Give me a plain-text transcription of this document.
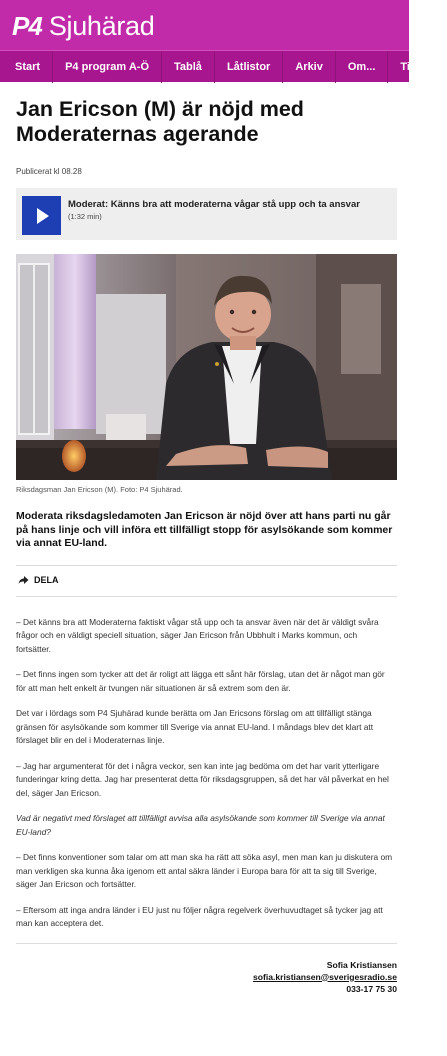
P4 Sjuhärad
Start	P4 program A-Ö	Tablå	Låtlistor	Arkiv	Om...	Tipsa!
Jan Ericson (M) är nöjd med Moderaternas agerande
Publicerat kl 08.28
Moderat: Känns bra att moderaterna vågar stå upp och ta ansvar
(1:32 min)
Riksdagsman Jan Ericson (M). Foto: P4 Sjuhärad.

Moderata riksdagsledamoten Jan Ericson är nöjd över att hans parti nu går på hans linje och vill införa ett tillfälligt stopp för asylsökande som kommer via annat EU-land.

DELA

– Det känns bra att Moderaterna faktiskt vågar stå upp och ta ansvar även när det är väldigt svåra frågor och en väldigt speciell situation, säger Jan Ericson från Ubbhult i Marks kommun, och fortsätter.

– Det finns ingen som tycker att det är roligt att lägga ett sånt här förslag, utan det är något man gör för att man helt enkelt är tvungen när situationen är så extrem som den är.

Det var i lördags som P4 Sjuhärad kunde berätta om Jan Ericsons förslag om att tillfälligt stänga gränsen för asylsökande som kommer till Sverige via annat EU-land. I måndags blev det klart att förslaget blir en del i Moderaternas linje.

– Jag har argumenterat för det i några veckor, sen kan inte jag bedöma om det har varit ytterligare funderingar kring detta. Jag har presenterat detta för riksdagsgruppen, så det har väl påverkat en hel del, säger Jan Ericson.

Vad är negativt med förslaget att tillfälligt avvisa alla asylsökande som kommer till Sverige via annat EU-land?

– Det finns konventioner som talar om att man ska ha rätt att söka asyl, men man kan ju diskutera om man verkligen ska kunna åka igenom ett antal säkra länder i Europa bara för att ta sig till Sverige, säger Jan Ericson och fortsätter.

– Eftersom att inga andra länder i EU just nu följer några regelverk överhuvudtaget så tycker jag att man kan acceptera det.

Sofia Kristiansen
sofia.kristiansen@sverigesradio.se
033-17 75 30
